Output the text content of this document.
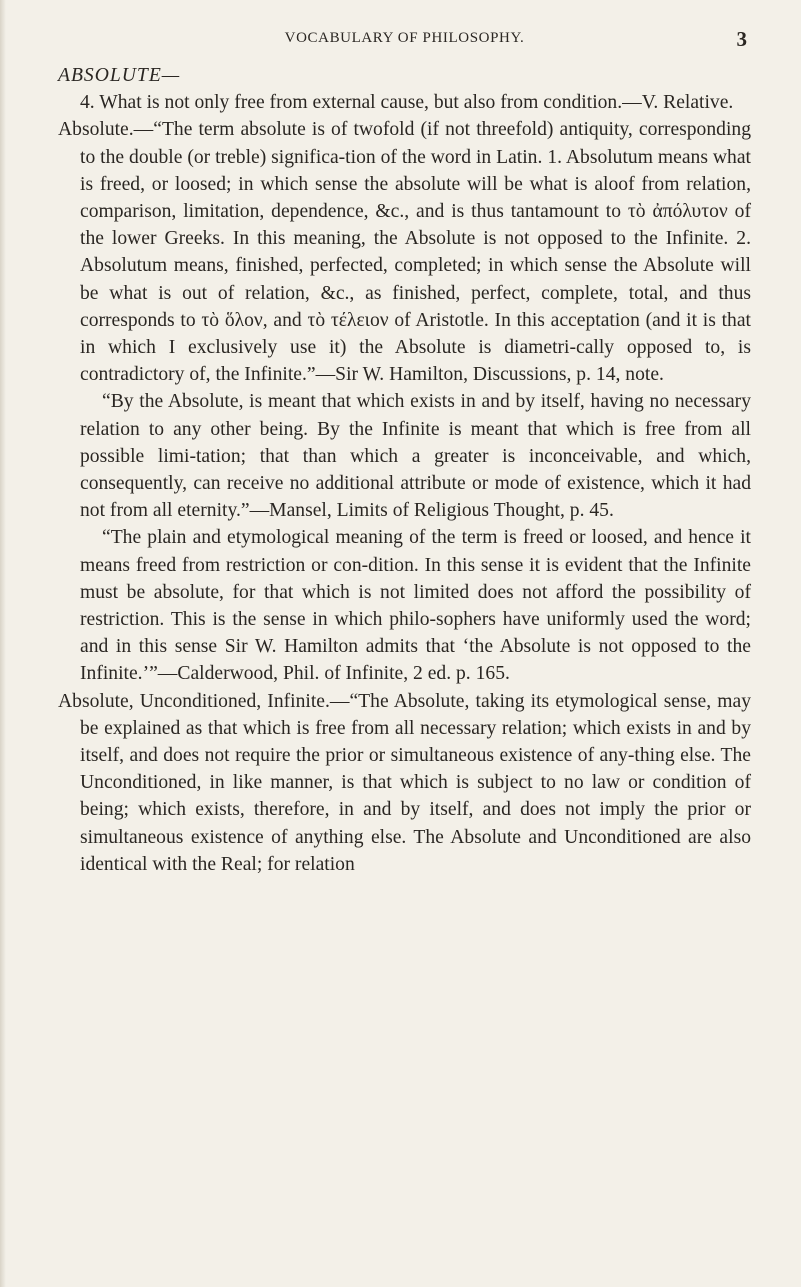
VOCABULARY OF PHILOSOPHY.	3

ABSOLUTE—

4. What is not only free from external cause, but also from condition.—V. Relative.

Absolute.—“The term absolute is of twofold (if not threefold) antiquity, corresponding to the double (or treble) significa-tion of the word in Latin. 1. Absolutum means what is freed, or loosed; in which sense the absolute will be what is aloof from relation, comparison, limitation, dependence, &c., and is thus tantamount to τὸ ἀπόλυτον of the lower Greeks. In this meaning, the Absolute is not opposed to the Infinite. 2. Absolutum means, finished, perfected, completed; in which sense the Absolute will be what is out of relation, &c., as finished, perfect, complete, total, and thus corresponds to τὸ ὅλον, and τὸ τέλειον of Aristotle. In this acceptation (and it is that in which I exclusively use it) the Absolute is diametri-cally opposed to, is contradictory of, the Infinite.”—Sir W. Hamilton, Discussions, p. 14, note.

“By the Absolute, is meant that which exists in and by itself, having no necessary relation to any other being. By the Infinite is meant that which is free from all possible limi-tation; that than which a greater is inconceivable, and which, consequently, can receive no additional attribute or mode of existence, which it had not from all eternity.”—Mansel, Limits of Religious Thought, p. 45.

“The plain and etymological meaning of the term is freed or loosed, and hence it means freed from restriction or con-dition. In this sense it is evident that the Infinite must be absolute, for that which is not limited does not afford the possibility of restriction. This is the sense in which philo-sophers have uniformly used the word; and in this sense Sir W. Hamilton admits that ‘the Absolute is not opposed to the Infinite.’”—Calderwood, Phil. of Infinite, 2 ed. p. 165.

Absolute, Unconditioned, Infinite.—“The Absolute, taking its etymological sense, may be explained as that which is free from all necessary relation; which exists in and by itself, and does not require the prior or simultaneous existence of any-thing else. The Unconditioned, in like manner, is that which is subject to no law or condition of being; which exists, therefore, in and by itself, and does not imply the prior or simultaneous existence of anything else. The Absolute and Unconditioned are also identical with the Real; for relation
